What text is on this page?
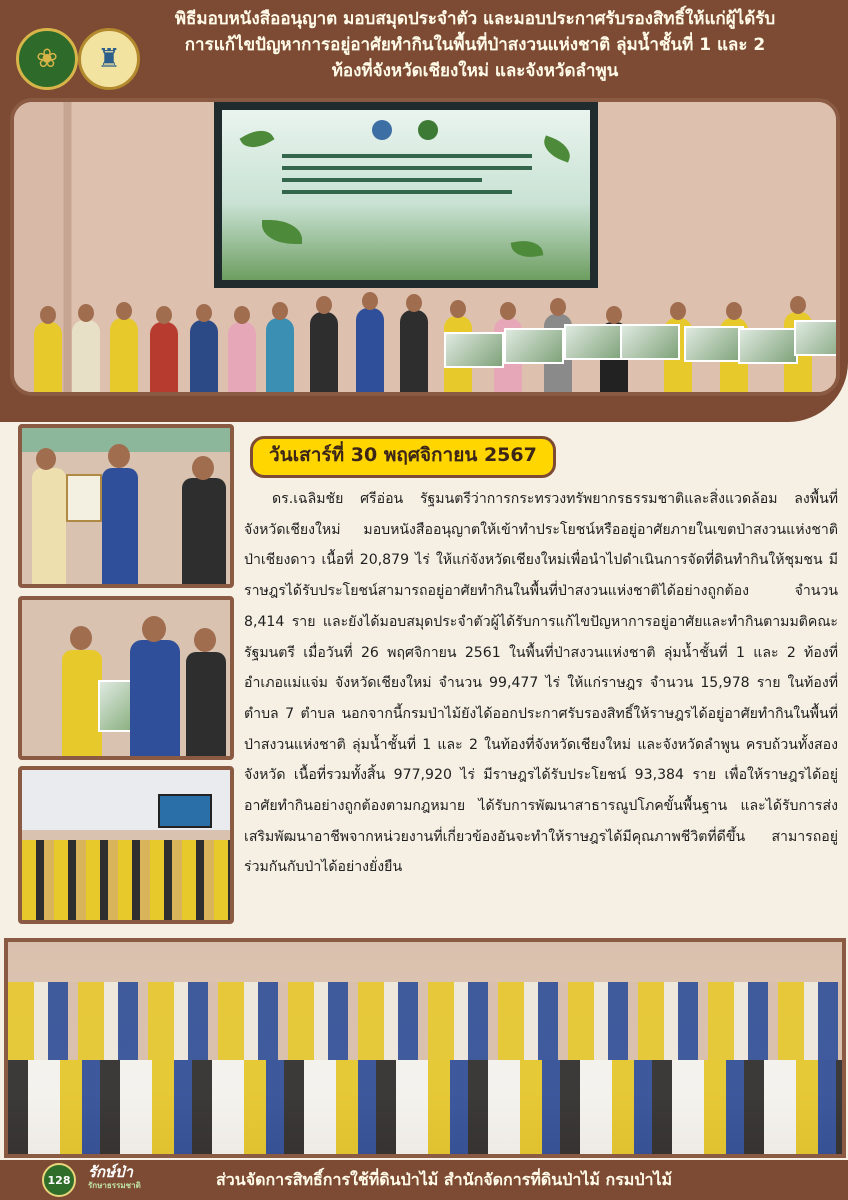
❀	♜
พิธีมอบหนังสืออนุญาต มอบสมุดประจำตัว และมอบประกาศรับรองสิทธิ์ให้แก่ผู้ได้รับ
การแก้ไขปัญหาการอยู่อาศัยทำกินในพื้นที่ป่าสงวนแห่งชาติ ลุ่มน้ำชั้นที่ 1 และ 2
ท้องที่จังหวัดเชียงใหม่ และจังหวัดลำพูน
วันเสาร์ที่ 30 พฤศจิกายน 2567
ดร.เฉลิมชัย ศรีอ่อน รัฐมนตรีว่าการกระทรวงทรัพยากรธรรมชาติและสิ่งแวดล้อม ลงพื้นที่จังหวัดเชียงใหม่ มอบหนังสืออนุญาตให้เข้าทำประโยชน์หรืออยู่อาศัยภายในเขตป่าสงวนแห่งชาติ ป่าเชียงดาว เนื้อที่ 20,879 ไร่ ให้แก่จังหวัดเชียงใหม่เพื่อนำไปดำเนินการจัดที่ดินทำกินให้ชุมชน มีราษฎรได้รับประโยชน์สามารถอยู่อาศัยทำกินในพื้นที่ป่าสงวนแห่งชาติได้อย่างถูกต้อง จำนวน 8,414 ราย และยังได้มอบสมุดประจำตัวผู้ได้รับการแก้ไขปัญหาการอยู่อาศัยและทำกินตามมติคณะรัฐมนตรี เมื่อวันที่ 26 พฤศจิกายน 2561 ในพื้นที่ป่าสงวนแห่งชาติ ลุ่มน้ำชั้นที่ 1 และ 2 ท้องที่อำเภอแม่แจ่ม จังหวัดเชียงใหม่ จำนวน 99,477 ไร่ ให้แก่ราษฎร จำนวน 15,978 ราย ในท้องที่ตำบล 7 ตำบล นอกจากนี้กรมป่าไม้ยังได้ออกประกาศรับรองสิทธิ์ให้ราษฎรได้อยู่อาศัยทำกินในพื้นที่ป่าสงวนแห่งชาติ ลุ่มน้ำชั้นที่ 1 และ 2 ในท้องที่จังหวัดเชียงใหม่ และจังหวัดลำพูน ครบถ้วนทั้งสองจังหวัด เนื้อที่รวมทั้งสิ้น 977,920 ไร่ มีราษฎรได้รับประโยชน์ 93,384 ราย เพื่อให้ราษฎรได้อยู่อาศัยทำกินอย่างถูกต้องตามกฎหมาย ได้รับการพัฒนาสาธารณูปโภคขั้นพื้นฐาน และได้รับการส่งเสริมพัฒนาอาชีพจากหน่วยงานที่เกี่ยวข้องอันจะทำให้ราษฎรได้มีคุณภาพชีวิตที่ดีขึ้น สามารถอยู่ร่วมกันกับป่าได้อย่างยั่งยืน
128	รักษ์ป่า
รักษาธรรมชาติ	ส่วนจัดการสิทธิ์การใช้ที่ดินป่าไม้ สำนักจัดการที่ดินป่าไม้ กรมป่าไม้
